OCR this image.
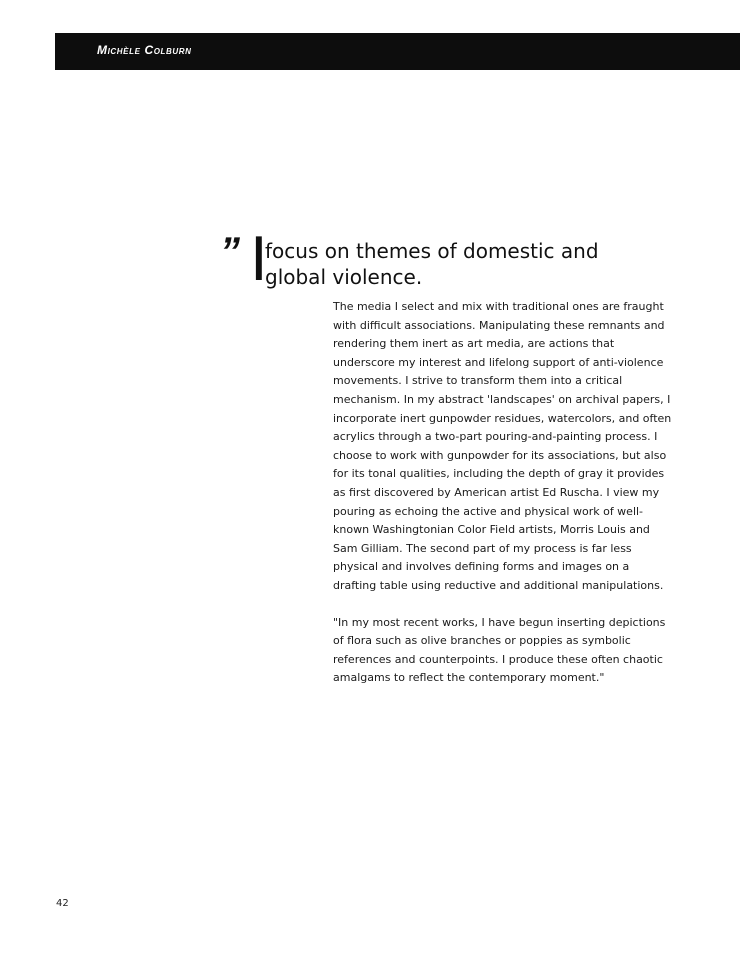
Michèle Colburn
” I
focus on themes of domestic and global violence.

The media I select and mix with traditional ones are fraught with difficult associations. Manipulating these remnants and rendering them inert as art media, are actions that underscore my interest and lifelong support of anti-violence movements. I strive to transform them into a critical mechanism. In my abstract 'landscapes' on archival papers, I incorporate inert gunpowder residues, watercolors, and often acrylics through a two-part pouring-and-painting process. I choose to work with gunpowder for its associations, but also for its tonal qualities, including the depth of gray it provides as first discovered by American artist Ed Ruscha. I view my pouring as echoing the active and physical work of well-known Washingtonian Color Field artists, Morris Louis and Sam Gilliam. The second part of my process is far less physical and involves defining forms and images on a drafting table using reductive and additional manipulations.

"In my most recent works, I have begun inserting depictions of flora such as olive branches or poppies as symbolic references and counterpoints. I produce these often chaotic amalgams to reflect the contemporary moment."

42
